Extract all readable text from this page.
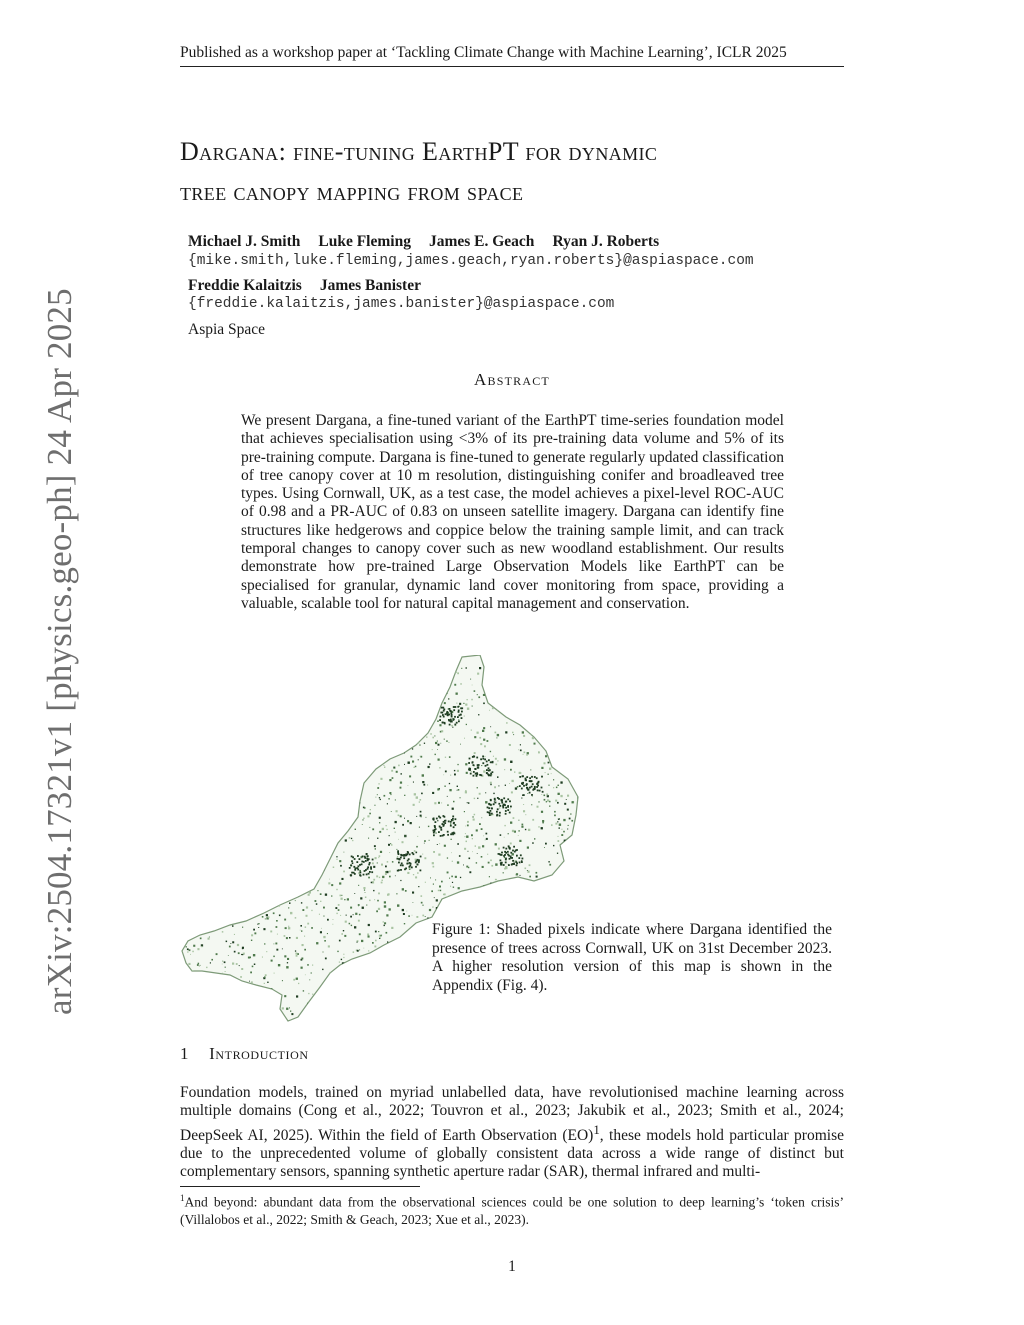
Published as a workshop paper at ‘Tackling Climate Change with Machine Learning’, ICLR 2025
arXiv:2504.17321v1 [physics.geo-ph] 24 Apr 2025
Dargana: fine-tuning EarthPT for dynamic
tree canopy mapping from space
Michael J. Smith Luke Fleming James E. Geach Ryan J. Roberts
{mike.smith,luke.fleming,james.geach,ryan.roberts}@aspiaspace.com
Freddie Kalaitzis James Banister
{freddie.kalaitzis,james.banister}@aspiaspace.com
Aspia Space
Abstract
We present Dargana, a fine-tuned variant of the EarthPT time-series foundation model that achieves specialisation using <3% of its pre-training data volume and 5% of its pre-training compute. Dargana is fine-tuned to generate regularly updated classification of tree canopy cover at 10 m resolution, distinguishing conifer and broadleaved tree types. Using Cornwall, UK, as a test case, the model achieves a pixel-level ROC-AUC of 0.98 and a PR-AUC of 0.83 on unseen satellite imagery. Dargana can identify fine structures like hedgerows and coppice below the training sample limit, and can track temporal changes to canopy cover such as new woodland establishment. Our results demonstrate how pre-trained Large Observation Models like EarthPT can be specialised for granular, dynamic land cover monitoring from space, providing a valuable, scalable tool for natural capital management and conservation.
Figure 1: Shaded pixels indicate where Dargana identified the presence of trees across Cornwall, UK on 31st December 2023. A higher resolution version of this map is shown in the Appendix (Fig. 4).
1 Introduction
Foundation models, trained on myriad unlabelled data, have revolutionised machine learning across multiple domains (Cong et al., 2022; Touvron et al., 2023; Jakubik et al., 2023; Smith et al., 2024; DeepSeek AI, 2025). Within the field of Earth Observation (EO)$^1$, these models hold particular promise due to the unprecedented volume of globally consistent data across a wide range of distinct but complementary sensors, spanning synthetic aperture radar (SAR), thermal infrared and multi-
$^1$And beyond: abundant data from the observational sciences could be one solution to deep learning’s ‘token crisis’ (Villalobos et al., 2022; Smith & Geach, 2023; Xue et al., 2023).
1
